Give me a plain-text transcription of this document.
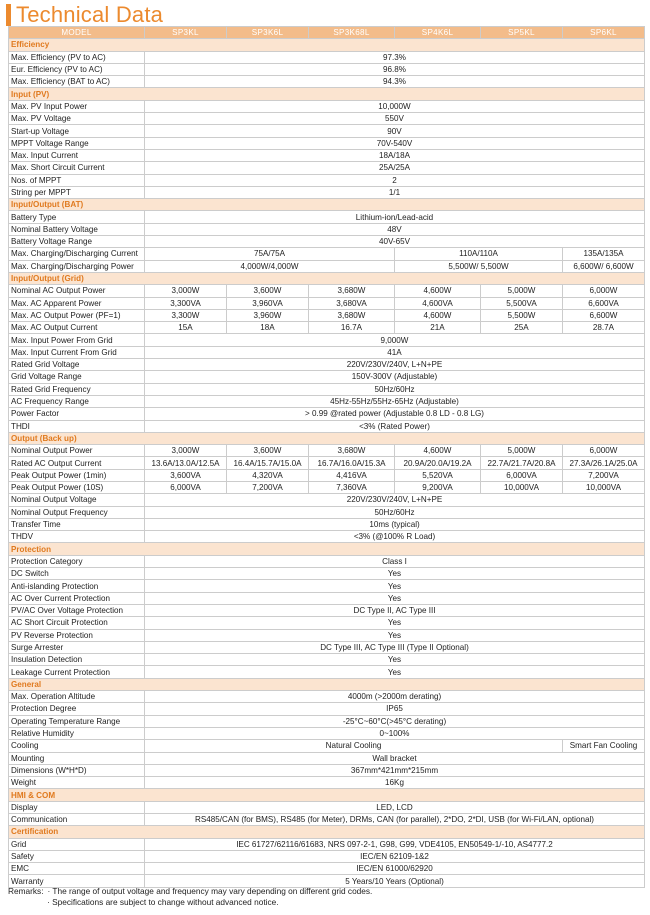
Technical Data
MODEL	SP3KL	SP3K6L	SP3K68L	SP4K6L	SP5KL	SP6KL
Efficiency						
Max. Efficiency (PV to AC)	97.3%					
Eur. Efficiency (PV to AC)	96.8%					
Max. Efficiency (BAT to AC)	94.3%					
Input (PV)						
Max. PV Input Power	10,000W					
Max. PV Voltage	550V					
Start-up Voltage	90V					
MPPT Voltage Range	70V-540V					
Max. Input Current	18A/18A					
Max. Short Circuit Current	25A/25A					
Nos. of MPPT	2					
String per MPPT	1/1					
Input/Output (BAT)						
Battery Type	Lithium-ion/Lead-acid					
Nominal Battery Voltage	48V					
Battery Voltage Range	40V-65V					
Max. Charging/Discharging Current	75A/75A			110A/110A		135A/135A
Max. Charging/Discharging Power	4,000W/4,000W			5,500W/ 5,500W		6,600W/ 6,600W
Input/Output (Grid)						
Nominal AC Output Power	3,000W	3,600W	3,680W	4,600W	5,000W	6,000W
Max. AC Apparent Power	3,300VA	3,960VA	3,680VA	4,600VA	5,500VA	6,600VA
Max. AC Output Power (PF=1)	3,300W	3,960W	3,680W	4,600W	5,500W	6,600W
Max. AC Output Current	15A	18A	16.7A	21A	25A	28.7A
Max. Input Power From Grid	9,000W					
Max. Input Current From Grid	41A					
Rated Grid Voltage	220V/230V/240V, L+N+PE					
Grid Voltage Range	150V-300V (Adjustable)					
Rated Grid Frequency	50Hz/60Hz					
AC Frequency Range	45Hz-55Hz/55Hz-65Hz (Adjustable)					
Power Factor	> 0.99 @rated power (Adjustable 0.8 LD - 0.8 LG)					
THDI	<3% (Rated Power)					
Output (Back up)						
Nominal Output Power	3,000W	3,600W	3,680W	4,600W	5,000W	6,000W
Rated AC Output Current	13.6A/13.0A/12.5A	16.4A/15.7A/15.0A	16.7A/16.0A/15.3A	20.9A/20.0A/19.2A	22.7A/21.7A/20.8A	27.3A/26.1A/25.0A
Peak Output Power (1min)	3,600VA	4,320VA	4,416VA	5,520VA	6,000VA	7,200VA
Peak Output Power (10S)	6,000VA	7,200VA	7,360VA	9,200VA	10,000VA	10,000VA
Nominal Output Voltage	220V/230V/240V, L+N+PE					
Nominal Output Frequency	50Hz/60Hz					
Transfer Time	10ms (typical)					
THDV	<3% (@100% R Load)					
Protection						
Protection Category	Class I					
DC Switch	Yes					
Anti-islanding Protection	Yes					
AC Over Current Protection	Yes					
PV/AC Over Voltage Protection	DC Type II, AC Type III					
AC Short Circuit Protection	Yes					
PV Reverse Protection	Yes					
Surge Arrester	DC Type III, AC Type III (Type II Optional)					
Insulation Detection	Yes					
Leakage Current Protection	Yes					
General						
Max. Operation Altitude	4000m (>2000m derating)					
Protection Degree	IP65					
Operating Temperature Range	-25°C~60°C(>45°C derating)					
Relative Humidity	0~100%					
Cooling	Natural Cooling					Smart Fan Cooling
Mounting	Wall bracket					
Dimensions (W*H*D)	367mm*421mm*215mm					
Weight	16Kg					
HMI & COM						
Display	LED, LCD					
Communication	RS485/CAN (for BMS), RS485 (for Meter), DRMs, CAN (for parallel), 2*DO, 2*DI, USB (for Wi-Fi/LAN, optional)					
Certification						
Grid	IEC 61727/62116/61683, NRS 097-2-1, G98, G99, VDE4105, EN50549-1/-10, AS4777.2					
Safety	IEC/EN 62109-1&2					
EMC	IEC/EN 61000/62920					
Warranty	5 Years/10 Years (Optional)					
Remarks: · The range of output voltage and frequency may vary depending on different grid codes.
· Specifications are subject to change without advanced notice.
